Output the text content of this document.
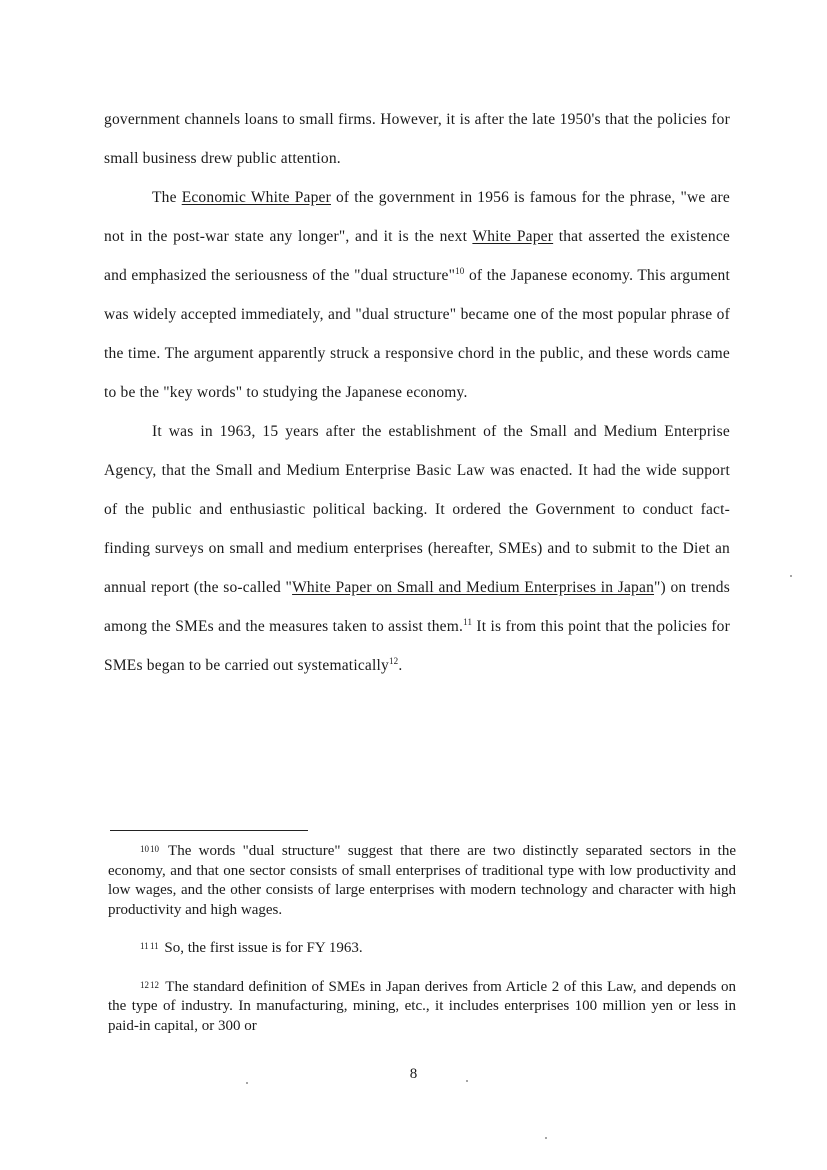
government channels loans to small firms. However, it is after the late 1950's that the policies for small business drew public attention.

The Economic White Paper of the government in 1956 is famous for the phrase, "we are not in the post-war state any longer", and it is the next White Paper that asserted the existence and emphasized the seriousness of the "dual structure"$^{10}$ of the Japanese economy. This argument was widely accepted immediately, and "dual structure" became one of the most popular phrase of the time. The argument apparently struck a responsive chord in the public, and these words came to be the "key words" to studying the Japanese economy.

It was in 1963, 15 years after the establishment of the Small and Medium Enterprise Agency, that the Small and Medium Enterprise Basic Law was enacted. It had the wide support of the public and enthusiastic political backing. It ordered the Government to conduct fact-finding surveys on small and medium enterprises (hereafter, SMEs) and to submit to the Diet an annual report (the so-called "White Paper on Small and Medium Enterprises in Japan") on trends among the SMEs and the measures taken to assist them.$^{11}$ It is from this point that the policies for SMEs began to be carried out systematically$^{12}$.

$10^{10}$ The words "dual structure" suggest that there are two distinctly separated sectors in the economy, and that one sector consists of small enterprises of traditional type with low productivity and low wages, and the other consists of large enterprises with modern technology and character with high productivity and high wages.

$11^{11}$ So, the first issue is for FY 1963.

$12^{12}$ The standard definition of SMEs in Japan derives from Article 2 of this Law, and depends on the type of industry. In manufacturing, mining, etc., it includes enterprises 100 million yen or less in paid-in capital, or 300 or

8
